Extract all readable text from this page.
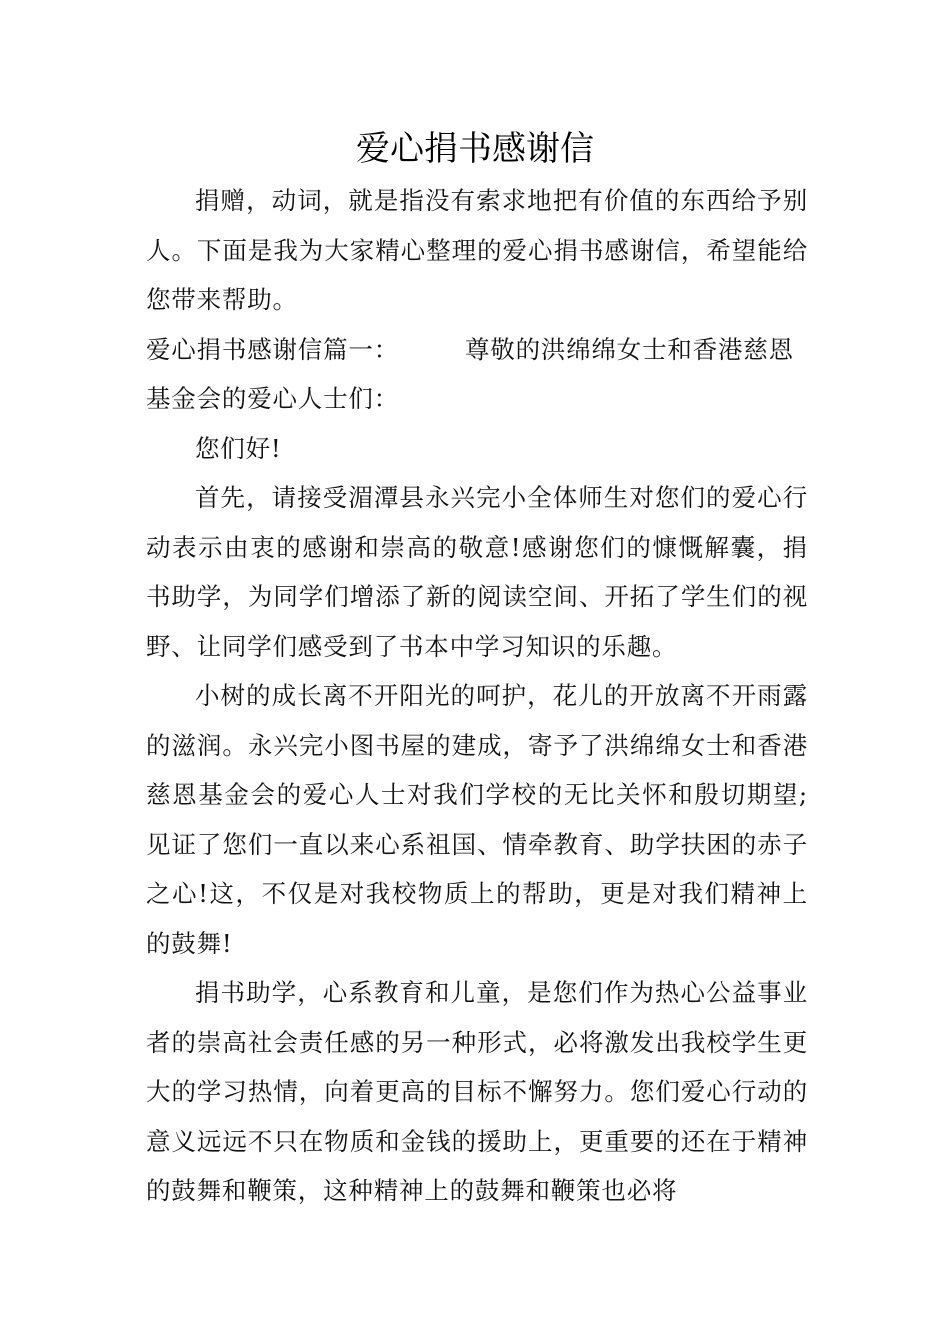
爱心捐书感谢信

捐赠，动词，就是指没有索求地把有价值的东西给予别人。下面是我为大家精心整理的爱心捐书感谢信，希望能给您带来帮助。

爱心捐书感谢信篇一：	尊敬的洪绵绵女士和香港慈恩

基金会的爱心人士们：

您们好!

首先，请接受湄潭县永兴完小全体师生对您们的爱心行动表示由衷的感谢和崇高的敬意!感谢您们的慷慨解囊，捐书助学，为同学们增添了新的阅读空间、开拓了学生们的视野、让同学们感受到了书本中学习知识的乐趣。

小树的成长离不开阳光的呵护，花儿的开放离不开雨露的滋润。永兴完小图书屋的建成，寄予了洪绵绵女士和香港慈恩基金会的爱心人士对我们学校的无比关怀和殷切期望;见证了您们一直以来心系祖国、情牵教育、助学扶困的赤子之心!这，不仅是对我校物质上的帮助，更是对我们精神上的鼓舞!

捐书助学，心系教育和儿童，是您们作为热心公益事业者的崇高社会责任感的另一种形式，必将激发出我校学生更大的学习热情，向着更高的目标不懈努力。您们爱心行动的意义远远不只在物质和金钱的援助上，更重要的还在于精神的鼓舞和鞭策，这种精神上的鼓舞和鞭策也必将
